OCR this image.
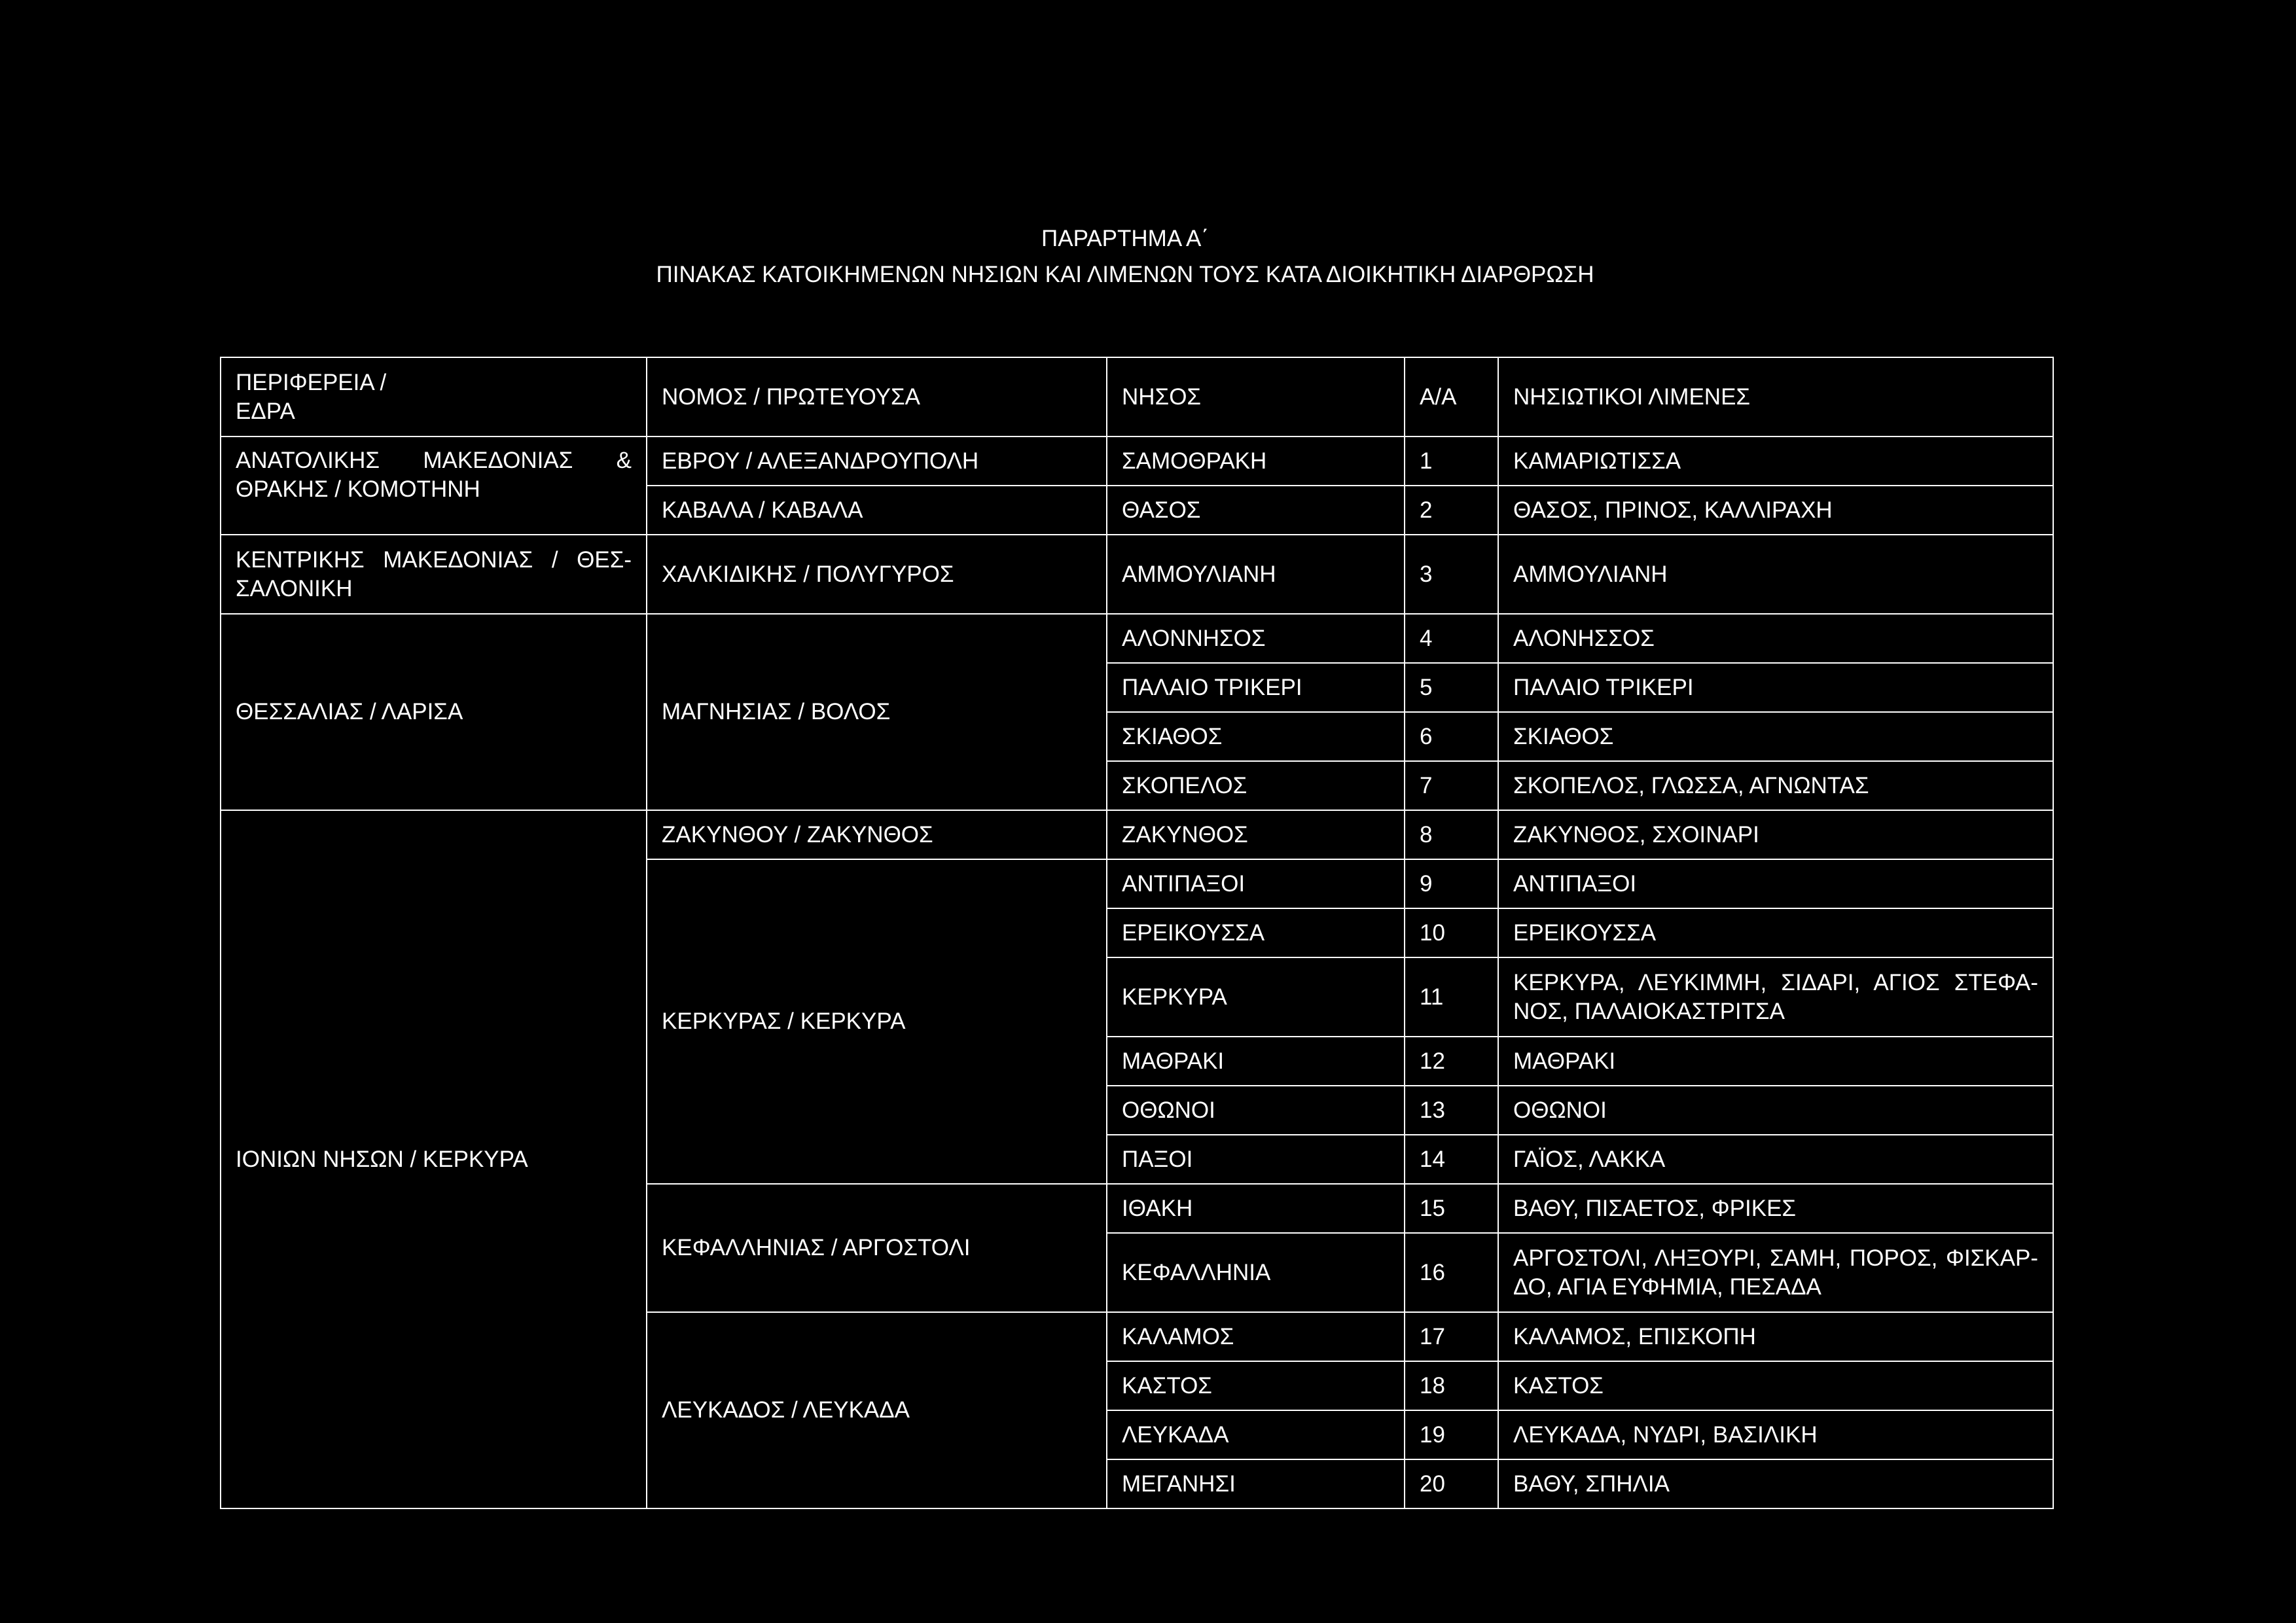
ΠΑΡΑΡΤΗΜΑ Α΄
ΠΙΝΑΚΑΣ ΚΑΤΟΙΚΗΜΕΝΩΝ ΝΗΣΙΩΝ ΚΑΙ ΛΙΜΕΝΩΝ ΤΟΥΣ ΚΑΤΑ ΔΙΟΙΚΗΤΙΚΗ ΔΙΑΡΘΡΩΣΗ
ΠΕΡΙΦΕΡΕΙΑ /
ΕΔΡΑ	ΝΟΜΟΣ / ΠΡΩΤΕΥΟΥΣΑ	ΝΗΣΟΣ	Α/Α	ΝΗΣΙΩΤΙΚΟΙ ΛΙΜΕΝΕΣ
ΑΝΑΤΟΛΙΚΗΣ ΜΑΚΕΔΟΝΙΑΣ & ΘΡΑΚΗΣ / ΚΟΜΟΤΗΝΗ	ΕΒΡΟΥ / ΑΛΕΞΑΝΔΡΟΥΠΟΛΗ	ΣΑΜΟΘΡΑΚΗ	1	ΚΑΜΑΡΙΩΤΙΣΣΑ
	ΚΑΒΑΛΑ / ΚΑΒΑΛΑ	ΘΑΣΟΣ	2	ΘΑΣΟΣ, ΠΡΙΝΟΣ, ΚΑΛΛΙΡΑΧΗ

ΚΕΝΤΡΙΚΗΣ ΜΑΚΕΔΟΝΙΑΣ / ΘΕΣ-
ΣΑΛΟΝΙΚΗ	ΧΑΛΚΙΔΙΚΗΣ / ΠΟΛΥΓΥΡΟΣ	ΑΜΜΟΥΛΙΑΝΗ	3	ΑΜΜΟΥΛΙΑΝΗ
ΘΕΣΣΑΛΙΑΣ / ΛΑΡΙΣΑ	ΜΑΓΝΗΣΙΑΣ / ΒΟΛΟΣ	ΑΛΟΝΝΗΣΟΣ	4	ΑΛΟΝΗΣΣΟΣ
		ΠΑΛΑΙΟ ΤΡΙΚΕΡΙ	5	ΠΑΛΑΙΟ ΤΡΙΚΕΡΙ
		ΣΚΙΑΘΟΣ	6	ΣΚΙΑΘΟΣ
		ΣΚΟΠΕΛΟΣ	7	ΣΚΟΠΕΛΟΣ, ΓΛΩΣΣΑ, ΑΓΝΩΝΤΑΣ
ΙΟΝΙΩΝ ΝΗΣΩΝ / ΚΕΡΚΥΡΑ	ΖΑΚΥΝΘΟΥ / ΖΑΚΥΝΘΟΣ	ΖΑΚΥΝΘΟΣ	8	ΖΑΚΥΝΘΟΣ, ΣΧΟΙΝΑΡΙ
	ΚΕΡΚΥΡΑΣ / ΚΕΡΚΥΡΑ	ΑΝΤΙΠΑΞΟΙ	9	ΑΝΤΙΠΑΞΟΙ
		ΕΡΕΙΚΟΥΣΣΑ	10	ΕΡΕΙΚΟΥΣΣΑ
		ΚΕΡΚΥΡΑ	11	ΚΕΡΚΥΡΑ, ΛΕΥΚΙΜΜΗ, ΣΙΔΑΡΙ, ΑΓΙΟΣ ΣΤΕΦΑ-
ΝΟΣ, ΠΑΛΑΙΟΚΑΣΤΡΙΤΣΑ

		ΜΑΘΡΑΚΙ	12	ΜΑΘΡΑΚΙ
		ΟΘΩΝΟΙ	13	ΟΘΩΝΟΙ
		ΠΑΞΟΙ	14	ΓΑΪΟΣ, ΛΑΚΚΑ
	ΚΕΦΑΛΛΗΝΙΑΣ / ΑΡΓΟΣΤΟΛΙ	ΙΘΑΚΗ	15	ΒΑΘΥ, ΠΙΣΑΕΤΟΣ, ΦΡΙΚΕΣ
		ΚΕΦΑΛΛΗΝΙΑ	16	ΑΡΓΟΣΤΟΛΙ, ΛΗΞΟΥΡΙ, ΣΑΜΗ, ΠΟΡΟΣ, ΦΙΣΚΑΡ-
ΔΟ, ΑΓΙΑ ΕΥΦΗΜΙΑ, ΠΕΣΑΔΑ

	ΛΕΥΚΑΔΟΣ / ΛΕΥΚΑΔΑ	ΚΑΛΑΜΟΣ	17	ΚΑΛΑΜΟΣ, ΕΠΙΣΚΟΠΗ
		ΚΑΣΤΟΣ	18	ΚΑΣΤΟΣ
		ΛΕΥΚΑΔΑ	19	ΛΕΥΚΑΔΑ, ΝΥΔΡΙ, ΒΑΣΙΛΙΚΗ
		ΜΕΓΑΝΗΣΙ	20	ΒΑΘΥ, ΣΠΗΛΙΑ
